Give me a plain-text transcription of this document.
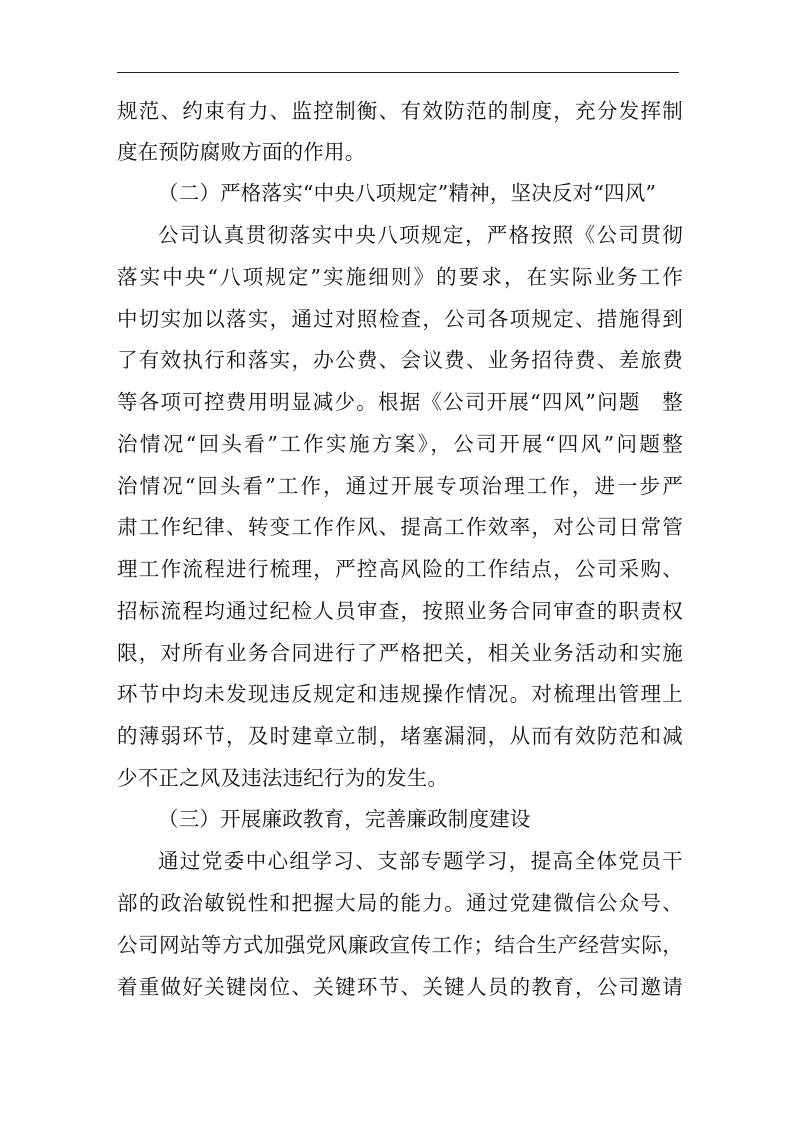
规范、约束有力、监控制衡、有效防范的制度，充分发挥制
度在预防腐败方面的作用。
（二）严格落实“中央八项规定”精神，坚决反对“四风”
公司认真贯彻落实中央八项规定，严格按照《公司贯彻
落实中央“八项规定”实施细则》的要求，在实际业务工作
中切实加以落实，通过对照检查，公司各项规定、措施得到
了有效执行和落实，办公费、会议费、业务招待费、差旅费
等各项可控费用明显减少。根据《公司开展“四风”问题　整
治情况“回头看”工作实施方案》，公司开展“四风”问题整
治情况“回头看”工作，通过开展专项治理工作，进一步严
肃工作纪律、转变工作作风、提高工作效率，对公司日常管
理工作流程进行梳理，严控高风险的工作结点，公司采购、
招标流程均通过纪检人员审查，按照业务合同审查的职责权
限，对所有业务合同进行了严格把关，相关业务活动和实施
环节中均未发现违反规定和违规操作情况。对梳理出管理上
的薄弱环节，及时建章立制，堵塞漏洞，从而有效防范和减
少不正之风及违法违纪行为的发生。
（三）开展廉政教育，完善廉政制度建设
通过党委中心组学习、支部专题学习，提高全体党员干
部的政治敏锐性和把握大局的能力。通过党建微信公众号、
公司网站等方式加强党风廉政宣传工作；结合生产经营实际，
着重做好关键岗位、关键环节、关键人员的教育，公司邀请
